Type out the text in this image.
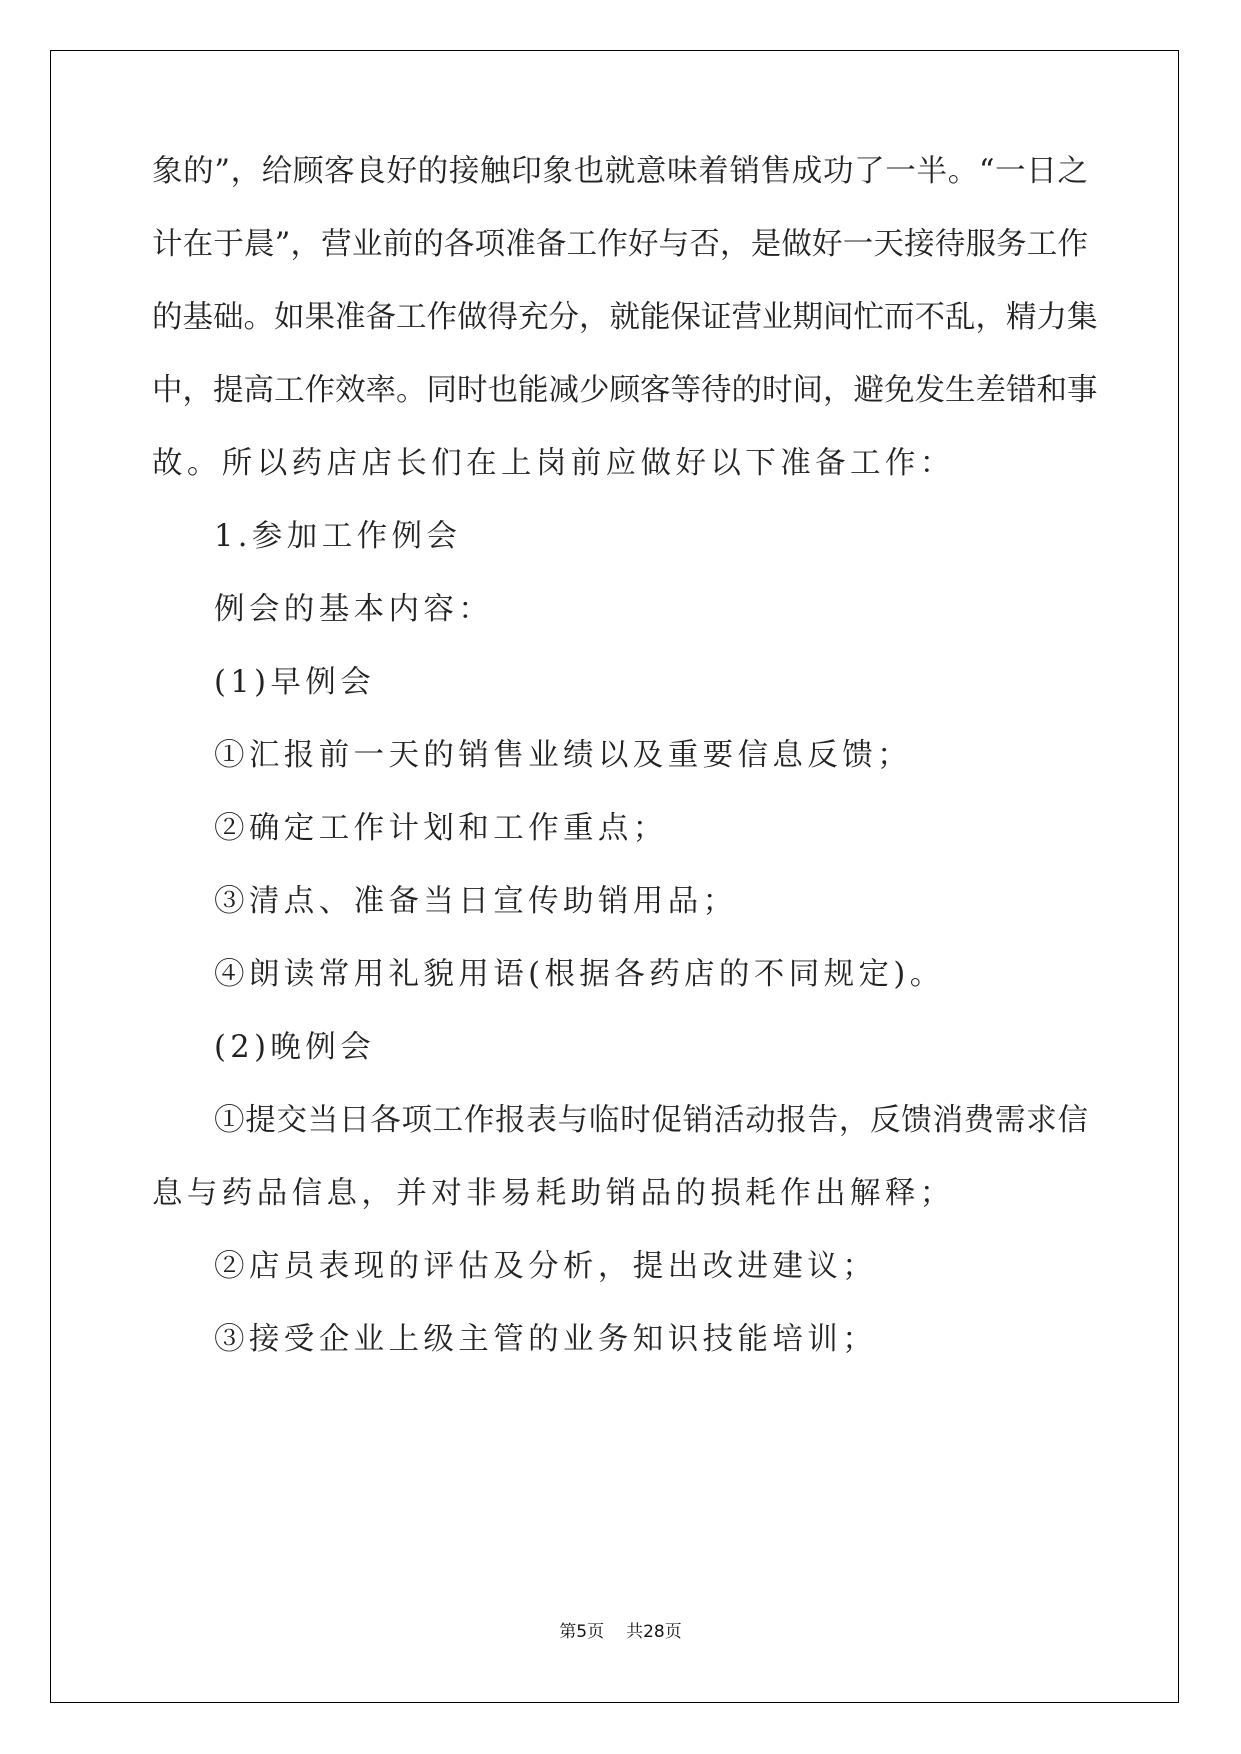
象的”，给顾客良好的接触印象也就意味着销售成功了一半。“一日之
计在于晨”，营业前的各项准备工作好与否，是做好一天接待服务工作
的基础。如果准备工作做得充分，就能保证营业期间忙而不乱，精力集
中，提高工作效率。同时也能减少顾客等待的时间，避免发生差错和事
故。所以药店店长们在上岗前应做好以下准备工作：
1.参加工作例会
例会的基本内容：
(1)早例会
①汇报前一天的销售业绩以及重要信息反馈；
②确定工作计划和工作重点；
③清点、准备当日宣传助销用品；
④朗读常用礼貌用语(根据各药店的不同规定)。
(2)晚例会
①提交当日各项工作报表与临时促销活动报告，反馈消费需求信
息与药品信息，并对非易耗助销品的损耗作出解释；
②店员表现的评估及分析，提出改进建议；
③接受企业上级主管的业务知识技能培训；
第5页 共28页
